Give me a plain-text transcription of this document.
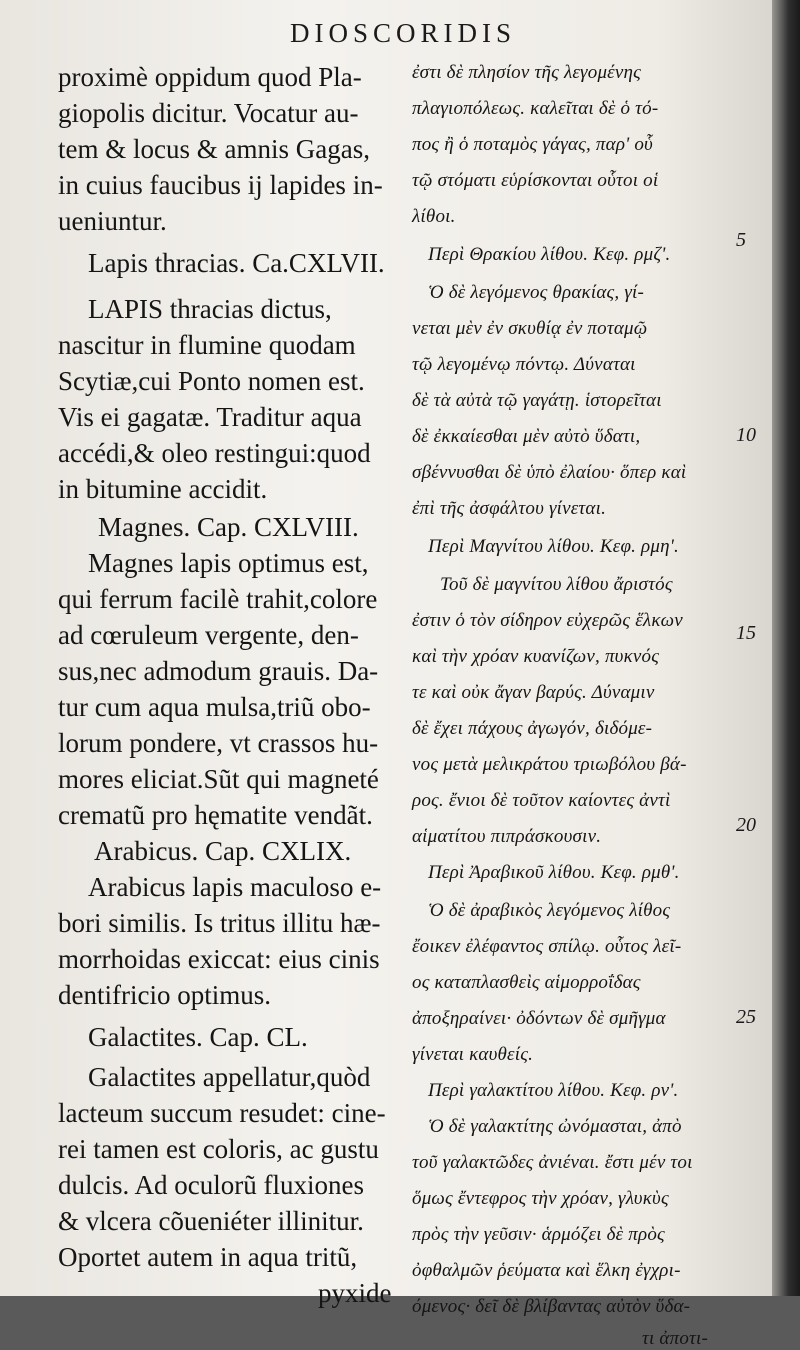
DIOSCORIDIS
proximè oppidum quod Pla-
giopolis dicitur. Vocatur au-
tem & locus & amnis Gagas,
in cuius faucibus ij lapides in-
ueniuntur.
Lapis thracias. Ca.CXLVII.
LAPIS thracias dictus,
nascitur in flumine quodam
Scytiæ,cui Ponto nomen est.
Vis ei gagatæ. Traditur aqua
accédi,& oleo restingui:quod
in bitumine accidit.
Magnes. Cap. CXLVIII.
Magnes lapis optimus est,
qui ferrum facilè trahit,colore
ad cœruleum vergente, den-
sus,nec admodum grauis. Da-
tur cum aqua mulsa,triũ obo-
lorum pondere, vt crassos hu-
mores eliciat.Sũt qui magneté
crematũ pro hęmatite vendãt.
Arabicus. Cap. CXLIX.
Arabicus lapis maculoso e-
bori similis. Is tritus illitu hæ-
morrhoidas exiccat: eius cinis
dentifricio optimus.
Galactites. Cap. CL.
Galactites appellatur,quòd
lacteum succum resudet: cine-
rei tamen est coloris, ac gustu
dulcis. Ad oculorũ fluxiones
& vlcera cõueniéter illinitur.
Oportet autem in aqua tritũ,
pyxide
ἐστι δὲ πλησίον τῆς λεγομένης
πλαγιοπόλεως. καλεῖται δὲ ὁ τό-
πος ἢ ὁ ποταμὸς γάγας, παρ' οὗ
τῷ στόματι εὑρίσκονται οὗτοι οἱ
λίθοι.
Περὶ Θρακίου λίθου. Κεφ. ρμζ'.
Ὁ δὲ λεγόμενος θρακίας, γί-
νεται μὲν ἐν σκυθίᾳ ἐν ποταμῷ
τῷ λεγομένῳ πόντῳ. Δύναται
δὲ τὰ αὐτὰ τῷ γαγάτῃ. ἱστορεῖται
δὲ ἐκκαίεσθαι μὲν αὐτὸ ὕδατι,
σβέννυσθαι δὲ ὑπὸ ἐλαίου· ὅπερ καὶ
ἐπὶ τῆς ἀσφάλτου γίνεται.
Περὶ Μαγνίτου λίθου. Κεφ. ρμη'.
Τοῦ δὲ μαγνίτου λίθου ἄριστός
ἐστιν ὁ τὸν σίδηρον εὐχερῶς ἕλκων
καὶ τὴν χρόαν κυανίζων, πυκνός
τε καὶ οὐκ ἄγαν βαρύς. Δύναμιν
δὲ ἔχει πάχους ἀγωγόν, διδόμε-
νος μετὰ μελικράτου τριωβόλου βά-
ρος. ἔνιοι δὲ τοῦτον καίοντες ἀντὶ
αἱματίτου πιπράσκουσιν.
Περὶ Ἀραβικοῦ λίθου. Κεφ. ρμθ'.
Ὁ δὲ ἀραβικὸς λεγόμενος λίθος
ἔοικεν ἐλέφαντος σπίλῳ. οὗτος λεῖ-
ος καταπλασθεὶς αἱμορροΐδας
ἀποξηραίνει· ὀδόντων δὲ σμῆγμα
γίνεται καυθείς.
Περὶ γαλακτίτου λίθου. Κεφ. ρν'.
Ὁ δὲ γαλακτίτης ὠνόμασται, ἀπὸ
τοῦ γαλακτῶδες ἀνιέναι. ἔστι μέν τοι
ὅμως ἔντεφρος τὴν χρόαν, γλυκὺς
πρὸς τὴν γεῦσιν· ἁρμόζει δὲ πρὸς
ὀφθαλμῶν ῥεύματα καὶ ἕλκη ἐγχρι-
όμενος· δεῖ δὲ βλίβαντας αὐτὸν ὕδα-
τι ἀποτι-
5
10
15
20
25
